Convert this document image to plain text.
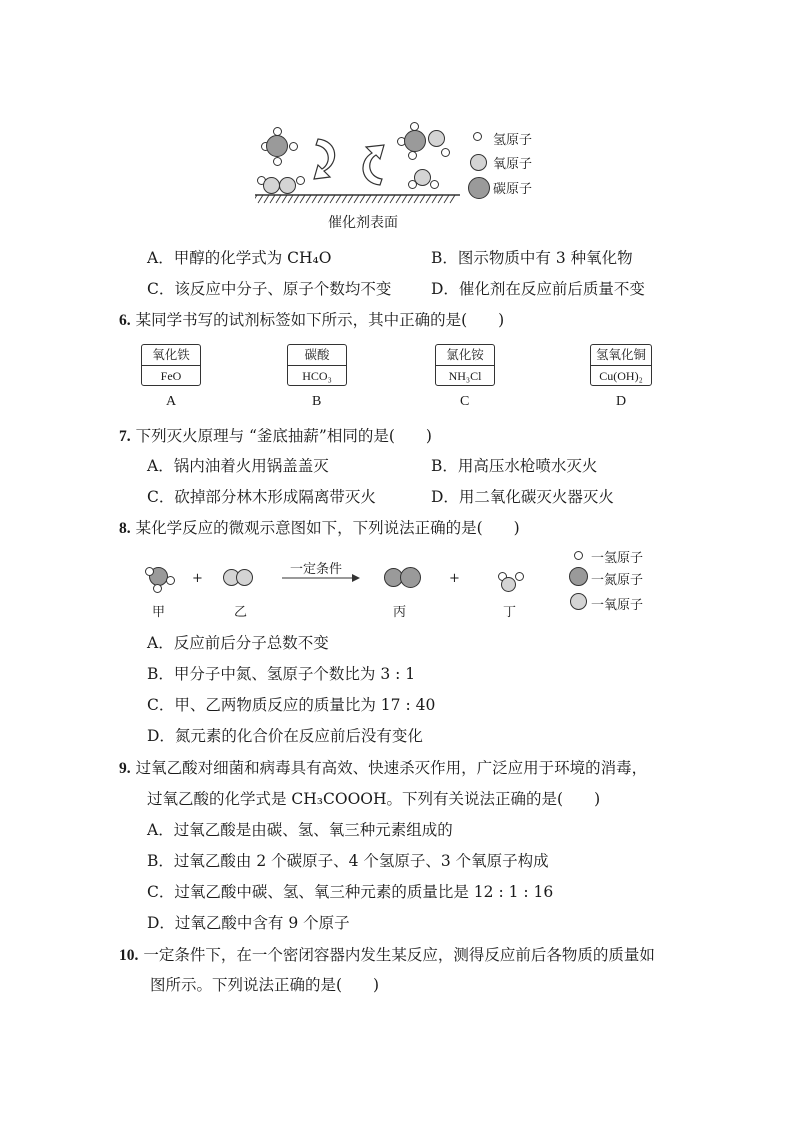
催化剂表面
氢原子
氧原子
碳原子
A．甲醇的化学式为 CH₄O	B．图示物质中有 3 种氧化物
C．该反应中分子、原子个数均不变	D．催化剂在反应前后质量不变
6. 某同学书写的试剂标签如下所示，其中正确的是(　　)
氧化铁
FeO
A
碳酸
HCO₃
B
氯化铵
NH₃Cl
C
氢氧化铜
Cu(OH)₂
D
7. 下列灭火原理与 “釜底抽薪”相同的是(　　)
A．锅内油着火用锅盖盖灭	B．用高压水枪喷水灭火
C．砍掉部分林木形成隔离带灭火	D．用二氧化碳灭火器灭火
8. 某化学反应的微观示意图如下，下列说法正确的是(　　)
甲
+
乙
一定条件
丙
+
丁
一氢原子
一氮原子
一氧原子
A．反应前后分子总数不变
B．甲分子中氮、氢原子个数比为 3 : 1
C．甲、乙两物质反应的质量比为 17 : 40
D．氮元素的化合价在反应前后没有变化
9. 过氧乙酸对细菌和病毒具有高效、快速杀灭作用，广泛应用于环境的消毒，
过氧乙酸的化学式是 CH₃COOOH。下列有关说法正确的是(　　)
A．过氧乙酸是由碳、氢、氧三种元素组成的
B．过氧乙酸由 2 个碳原子、4 个氢原子、3 个氧原子构成
C．过氧乙酸中碳、氢、氧三种元素的质量比是 12 : 1 : 16
D．过氧乙酸中含有 9 个原子
10. 一定条件下，在一个密闭容器内发生某反应，测得反应前后各物质的质量如
图所示。下列说法正确的是(　　)
